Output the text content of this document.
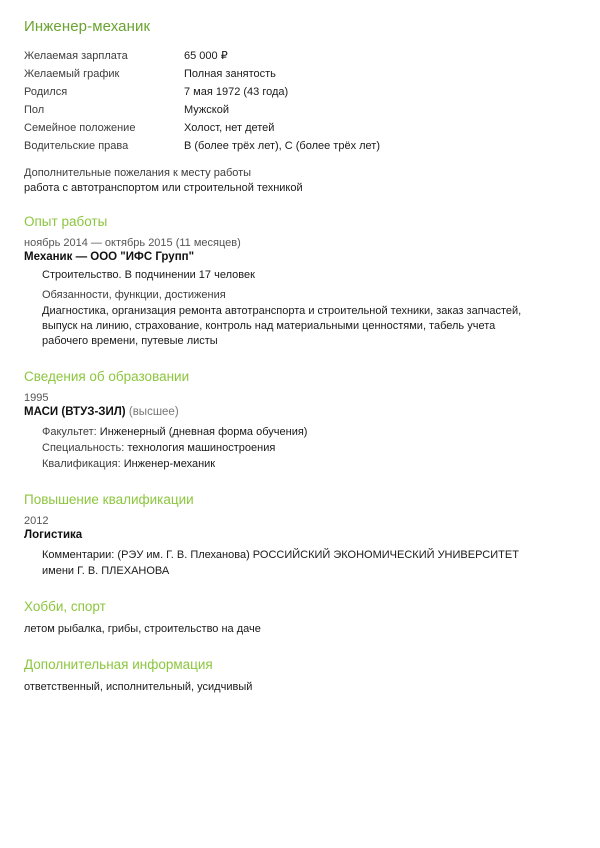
Инженер-механик
Желаемая зарплата	65 000 ₽
Желаемый график	Полная занятость
Родился	7 мая 1972 (43 года)
Пол	Мужской
Семейное положение	Холост, нет детей
Водительские права	B (более трёх лет), C (более трёх лет)
Дополнительные пожелания к месту работы
работа с автотранспортом или строительной техникой
Опыт работы
ноябрь 2014 — октябрь 2015 (11 месяцев)
Механик — ООО "ИФС Групп"
Строительство. В подчинении 17 человек
Обязанности, функции, достижения
Диагностика, организация ремонта автотранспорта и строительной техники, заказ запчастей, выпуск на линию, страхование, контроль над материальными ценностями, табель учета рабочего времени, путевые листы
Сведения об образовании
1995
МАСИ (ВТУЗ-ЗИЛ) (высшее)
Факультет: Инженерный (дневная форма обучения)
Специальность: технология машиностроения
Квалификация: Инженер-механик
Повышение квалификации
2012
Логистика
Комментарии: (РЭУ им. Г. В. Плеханова) РОССИЙСКИЙ ЭКОНОМИЧЕСКИЙ УНИВЕРСИТЕТ имени Г. В. ПЛЕХАНОВА
Хобби, спорт
летом рыбалка, грибы, строительство на даче
Дополнительная информация
ответственный, исполнительный, усидчивый
